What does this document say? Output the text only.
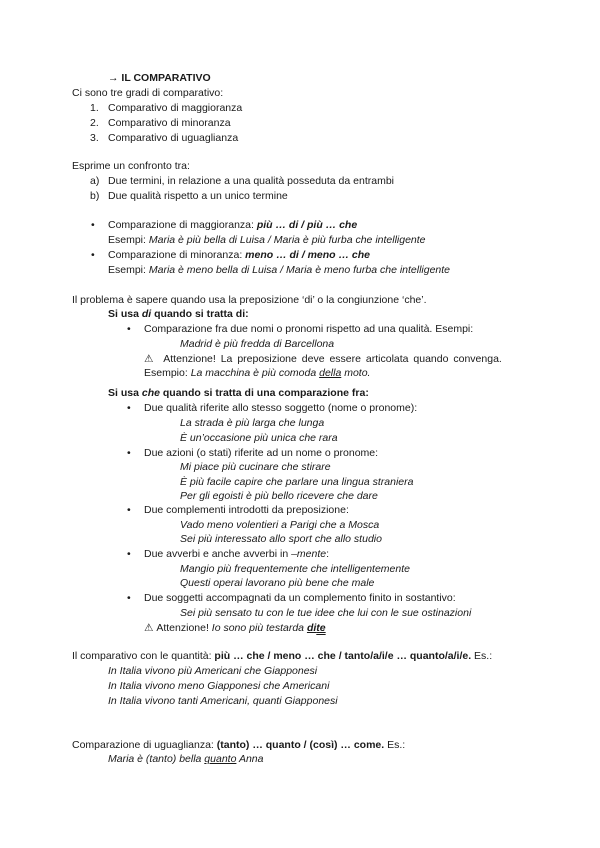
→ IL COMPARATIVO
Ci sono tre gradi di comparativo:
1. Comparativo di maggioranza
2. Comparativo di minoranza
3. Comparativo di uguaglianza
Esprime un confronto tra:
a) Due termini, in relazione a una qualità posseduta da entrambi
b) Due qualità rispetto a un unico termine
• Comparazione di maggioranza: più … di / più … che
Esempi: Maria è più bella di Luisa / Maria è più furba che intelligente
• Comparazione di minoranza: meno … di / meno … che
Esempi: Maria è meno bella di Luisa / Maria è meno furba che intelligente
Il problema è sapere quando usa la preposizione ‘di’ o la congiunzione ‘che’.
Si usa di quando si tratta di:
• Comparazione fra due nomi o pronomi rispetto ad una qualità. Esempi:
Madrid è più fredda di Barcellona
⚠ Attenzione! La preposizione deve essere articolata quando convenga.
Esempio: La macchina è più comoda della moto.
Si usa che quando si tratta di una comparazione fra:
• Due qualità riferite allo stesso soggetto (nome o pronome):
La strada è più larga che lunga
È un’occasione più unica che rara
• Due azioni (o stati) riferite ad un nome o pronome:
Mi piace più cucinare che stirare
È più facile capire che parlare una lingua straniera
Per gli egoisti è più bello ricevere che dare
• Due complementi introdotti da preposizione:
Vado meno volentieri a Parigi che a Mosca
Sei più interessato allo sport che allo studio
• Due avverbi e anche avverbi in –mente:
Mangio più frequentemente che intelligentemente
Questi operai lavorano più bene che male
• Due soggetti accompagnati da un complemento finito in sostantivo:
Sei più sensato tu con le tue idee che lui con le sue ostinazioni
⚠ Attenzione! Io sono più testarda dite
Il comparativo con le quantità: più … che / meno … che / tanto/a/i/e … quanto/a/i/e. Es.:
In Italia vivono più Americani che Giapponesi
In Italia vivono meno Giapponesi che Americani
In Italia vivono tanti Americani, quanti Giapponesi
Comparazione di uguaglianza: (tanto) … quanto / (così) … come. Es.:
Maria è (tanto) bella quanto Anna
